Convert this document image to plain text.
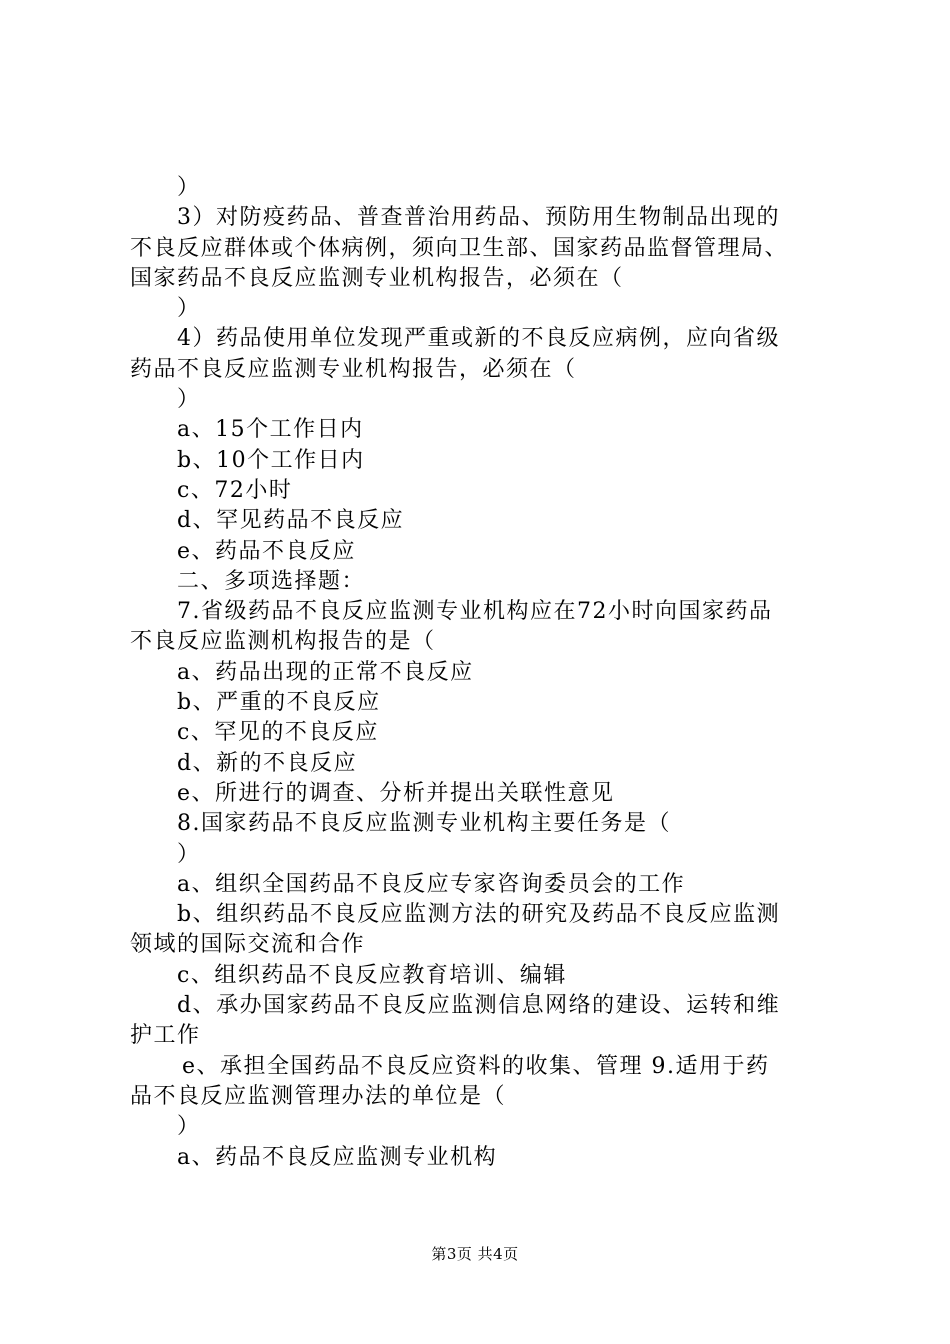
）
3）对防疫药品、普查普治用药品、预防用生物制品出现的
不良反应群体或个体病例，须向卫生部、国家药品监督管理局、
国家药品不良反应监测专业机构报告，必须在（
）
4）药品使用单位发现严重或新的不良反应病例，应向省级
药品不良反应监测专业机构报告，必须在（
）
a、15个工作日内
b、10个工作日内
c、72小时
d、罕见药品不良反应
e、药品不良反应
二、多项选择题：
7.省级药品不良反应监测专业机构应在72小时向国家药品
不良反应监测机构报告的是（
a、药品出现的正常不良反应
b、严重的不良反应
c、罕见的不良反应
d、新的不良反应
e、所进行的调查、分析并提出关联性意见
8.国家药品不良反应监测专业机构主要任务是（
）
a、组织全国药品不良反应专家咨询委员会的工作
b、组织药品不良反应监测方法的研究及药品不良反应监测
领域的国际交流和合作
c、组织药品不良反应教育培训、编辑
d、承办国家药品不良反应监测信息网络的建设、运转和维
护工作
e、承担全国药品不良反应资料的收集、管理 9.适用于药
品不良反应监测管理办法的单位是（
）
a、药品不良反应监测专业机构
第3页 共4页
